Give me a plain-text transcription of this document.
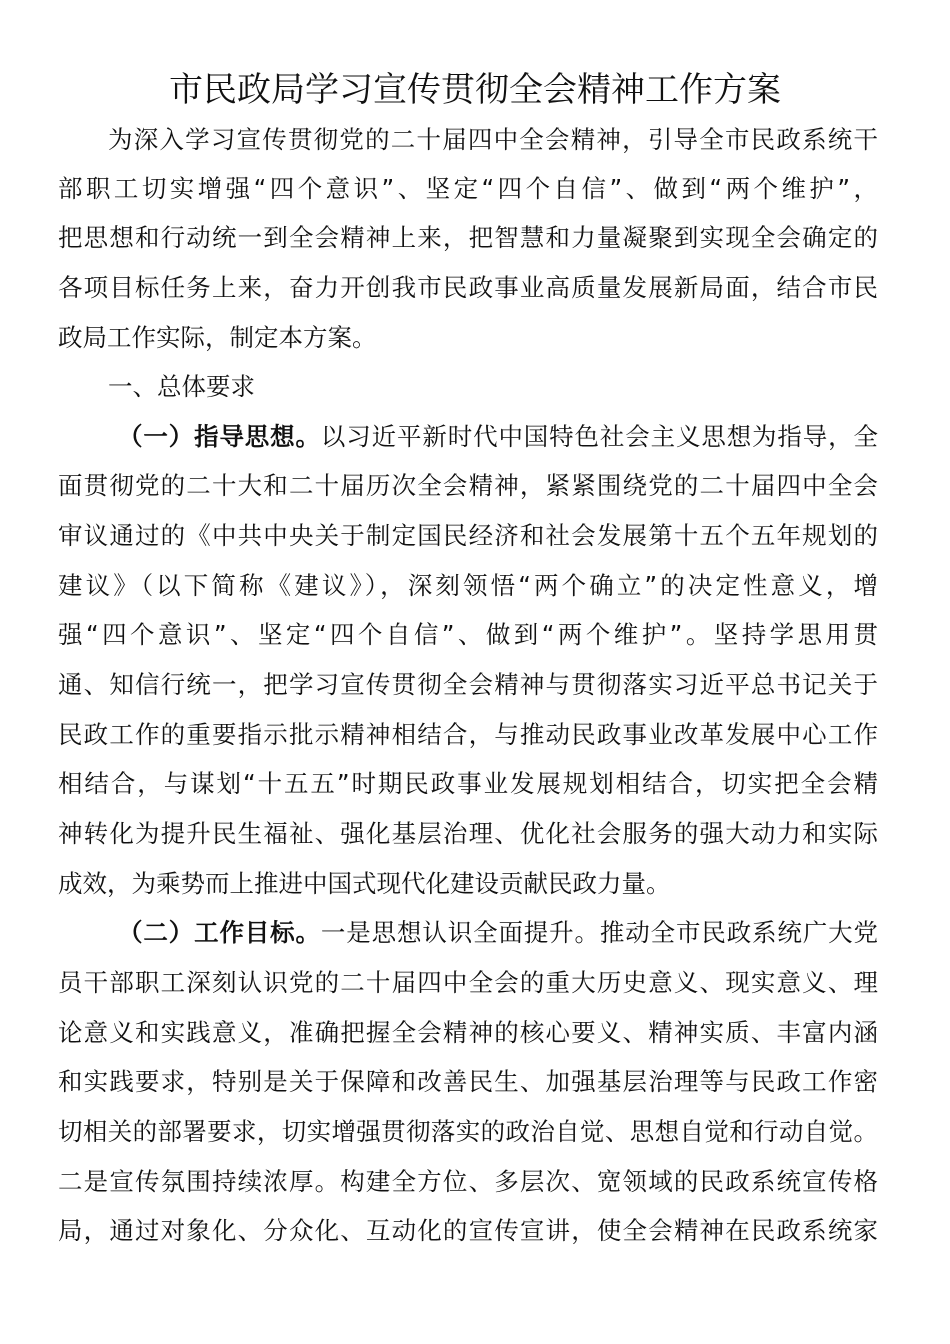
市民政局学习宣传贯彻全会精神工作方案
为深入学习宣传贯彻党的二十届四中全会精神，引导全市民政系统干
部职工切实增强“四个意识”、坚定“四个自信”、做到“两个维护”，
把思想和行动统一到全会精神上来，把智慧和力量凝聚到实现全会确定的
各项目标任务上来，奋力开创我市民政事业高质量发展新局面，结合市民
政局工作实际，制定本方案。
一、总体要求
（一）指导思想。以习近平新时代中国特色社会主义思想为指导，全
面贯彻党的二十大和二十届历次全会精神，紧紧围绕党的二十届四中全会
审议通过的《中共中央关于制定国民经济和社会发展第十五个五年规划的
建议》（以下简称《建议》），深刻领悟“两个确立”的决定性意义，增
强“四个意识”、坚定“四个自信”、做到“两个维护”。坚持学思用贯
通、知信行统一，把学习宣传贯彻全会精神与贯彻落实习近平总书记关于
民政工作的重要指示批示精神相结合，与推动民政事业改革发展中心工作
相结合，与谋划“十五五”时期民政事业发展规划相结合，切实把全会精
神转化为提升民生福祉、强化基层治理、优化社会服务的强大动力和实际
成效，为乘势而上推进中国式现代化建设贡献民政力量。
（二）工作目标。一是思想认识全面提升。推动全市民政系统广大党
员干部职工深刻认识党的二十届四中全会的重大历史意义、现实意义、理
论意义和实践意义，准确把握全会精神的核心要义、精神实质、丰富内涵
和实践要求，特别是关于保障和改善民生、加强基层治理等与民政工作密
切相关的部署要求，切实增强贯彻落实的政治自觉、思想自觉和行动自觉。
二是宣传氛围持续浓厚。构建全方位、多层次、宽领域的民政系统宣传格
局，通过对象化、分众化、互动化的宣传宣讲，使全会精神在民政系统家
